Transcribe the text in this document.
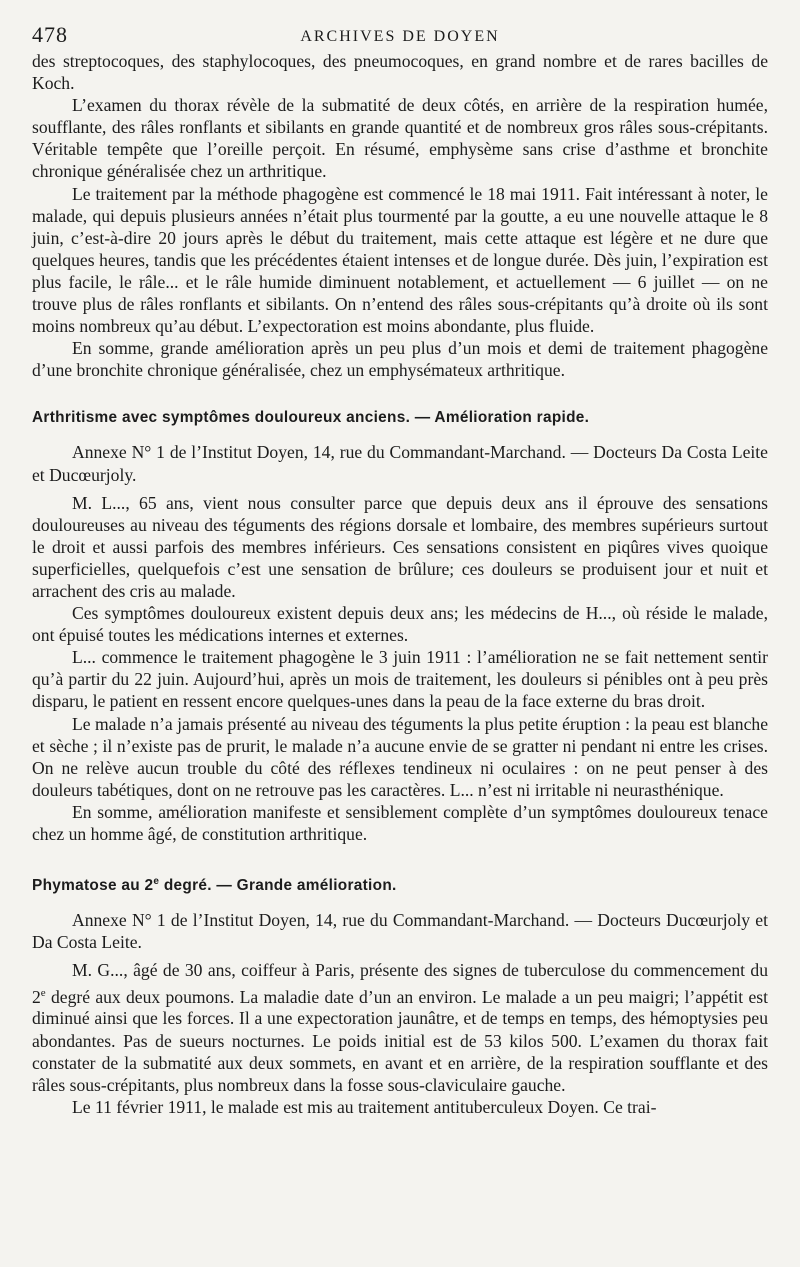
478	ARCHIVES DE DOYEN

des streptocoques, des staphylocoques, des pneumocoques, en grand nombre et de rares bacilles de Koch.

L’examen du thorax révèle de la submatité de deux côtés, en arrière de la respiration humée, soufflante, des râles ronflants et sibilants en grande quantité et de nombreux gros râles sous-crépitants. Véritable tempête que l’oreille perçoit. En résumé, emphysème sans crise d’asthme et bronchite chronique généralisée chez un arthritique.

Le traitement par la méthode phagogène est commencé le 18 mai 1911. Fait intéressant à noter, le malade, qui depuis plusieurs années n’était plus tourmenté par la goutte, a eu une nouvelle attaque le 8 juin, c’est-à-dire 20 jours après le début du traitement, mais cette attaque est légère et ne dure que quelques heures, tandis que les précédentes étaient intenses et de longue durée. Dès juin, l’expiration est plus facile, le râle... et le râle humide diminuent notablement, et actuellement — 6 juillet — on ne trouve plus de râles ronflants et sibilants. On n’entend des râles sous-crépitants qu’à droite où ils sont moins nombreux qu’au début. L’expectoration est moins abondante, plus fluide.

En somme, grande amélioration après un peu plus d’un mois et demi de traitement phagogène d’une bronchite chronique généralisée, chez un emphysémateux arthritique.

Arthritisme avec symptômes douloureux anciens. — Amélioration rapide.

Annexe N° 1 de l’Institut Doyen, 14, rue du Commandant-Marchand. — Docteurs Da Costa Leite et Ducœurjoly.

M. L..., 65 ans, vient nous consulter parce que depuis deux ans il éprouve des sensations douloureuses au niveau des téguments des régions dorsale et lombaire, des membres supérieurs surtout le droit et aussi parfois des membres inférieurs. Ces sensations consistent en piqûres vives quoique superficielles, quelquefois c’est une sensation de brûlure; ces douleurs se produisent jour et nuit et arrachent des cris au malade.

Ces symptômes douloureux existent depuis deux ans; les médecins de H..., où réside le malade, ont épuisé toutes les médications internes et externes.

L... commence le traitement phagogène le 3 juin 1911 : l’amélioration ne se fait nettement sentir qu’à partir du 22 juin. Aujourd’hui, après un mois de traitement, les douleurs si pénibles ont à peu près disparu, le patient en ressent encore quelques-unes dans la peau de la face externe du bras droit.

Le malade n’a jamais présenté au niveau des téguments la plus petite éruption : la peau est blanche et sèche ; il n’existe pas de prurit, le malade n’a aucune envie de se gratter ni pendant ni entre les crises. On ne relève aucun trouble du côté des réflexes tendineux ni oculaires : on ne peut penser à des douleurs tabétiques, dont on ne retrouve pas les caractères. L... n’est ni irritable ni neurasthénique.

En somme, amélioration manifeste et sensiblement complète d’un symptômes douloureux tenace chez un homme âgé, de constitution arthritique.

Phymatose au 2e degré. — Grande amélioration.

Annexe N° 1 de l’Institut Doyen, 14, rue du Commandant-Marchand. — Docteurs Ducœurjoly et Da Costa Leite.

M. G..., âgé de 30 ans, coiffeur à Paris, présente des signes de tuberculose du commencement du 2e degré aux deux poumons. La maladie date d’un an environ. Le malade a un peu maigri; l’appétit est diminué ainsi que les forces. Il a une expectoration jaunâtre, et de temps en temps, des hémoptysies peu abondantes. Pas de sueurs nocturnes. Le poids initial est de 53 kilos 500. L’examen du thorax fait constater de la submatité aux deux sommets, en avant et en arrière, de la respiration soufflante et des râles sous-crépitants, plus nombreux dans la fosse sous-claviculaire gauche.

Le 11 février 1911, le malade est mis au traitement antituberculeux Doyen. Ce trai-
